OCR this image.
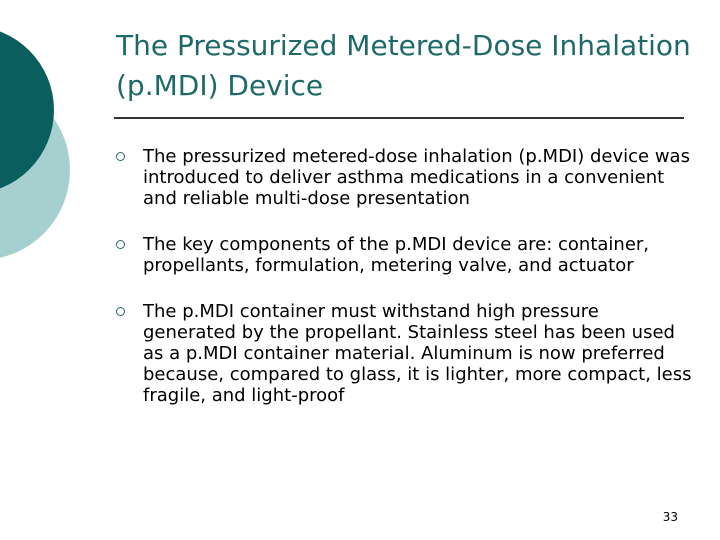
The Pressurized Metered-Dose Inhalation (p.MDI) Device
The pressurized metered-dose inhalation (p.MDI) device was introduced to deliver asthma medications in a convenient and reliable multi-dose presentation
The key components of the p.MDI device are: container, propellants, formulation, metering valve, and actuator
The p.MDI container must withstand high pressure generated by the propellant. Stainless steel has been used as a p.MDI container material. Aluminum is now preferred because, compared to glass, it is lighter, more compact, less fragile, and light-proof
33
